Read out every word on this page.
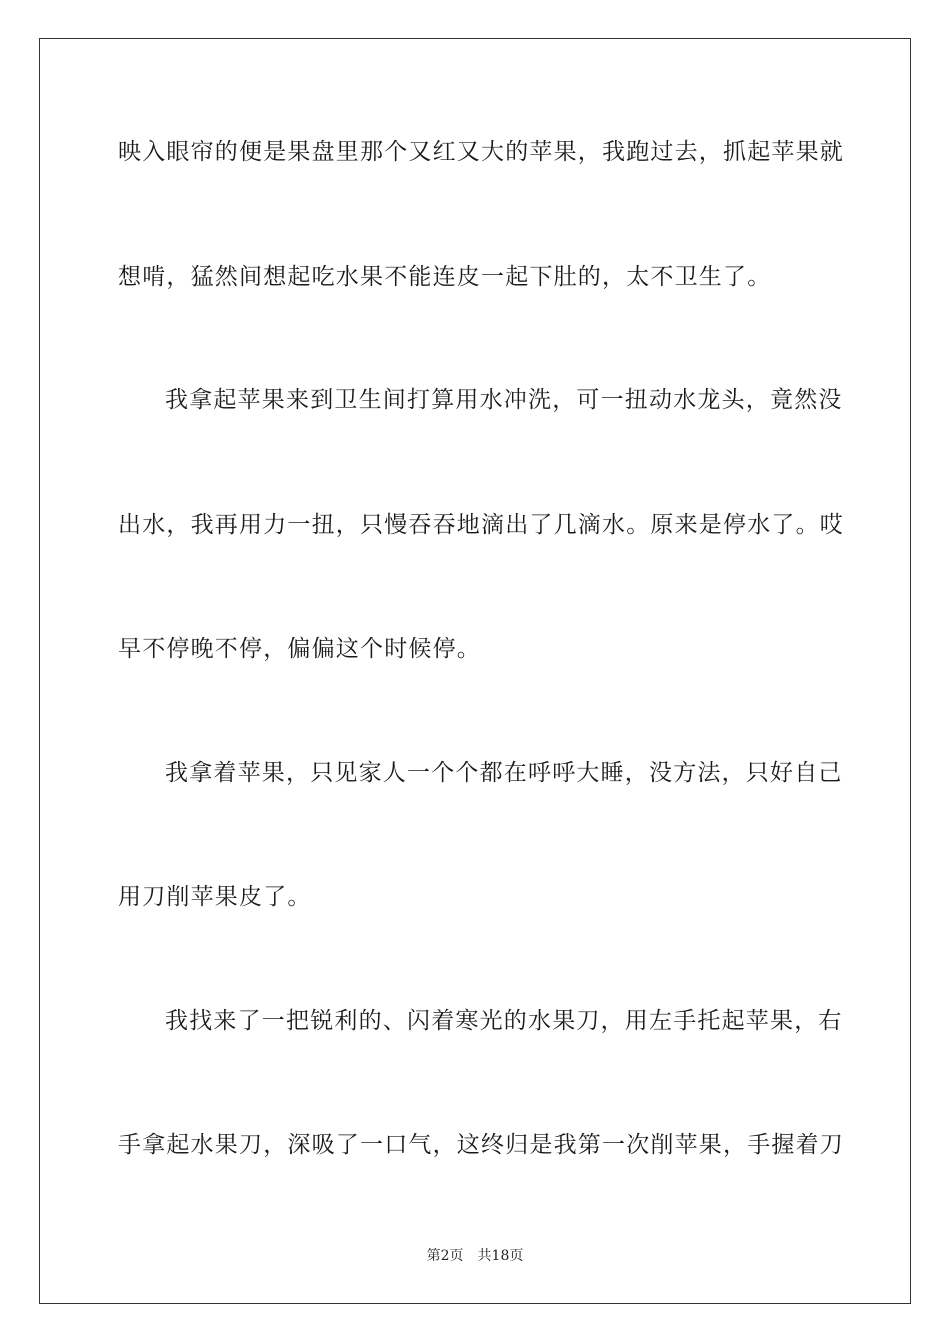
映入眼帘的便是果盘里那个又红又大的苹果，我跑过去，抓起苹果就
想啃，猛然间想起吃水果不能连皮一起下肚的，太不卫生了。
我拿起苹果来到卫生间打算用水冲洗，可一扭动水龙头，竟然没
出水，我再用力一扭，只慢吞吞地滴出了几滴水。原来是停水了。哎
早不停晚不停，偏偏这个时候停。
我拿着苹果，只见家人一个个都在呼呼大睡，没方法，只好自己
用刀削苹果皮了。
我找来了一把锐利的、闪着寒光的水果刀，用左手托起苹果，右
手拿起水果刀，深吸了一口气，这终归是我第一次削苹果，手握着刀
第2页 共18页
